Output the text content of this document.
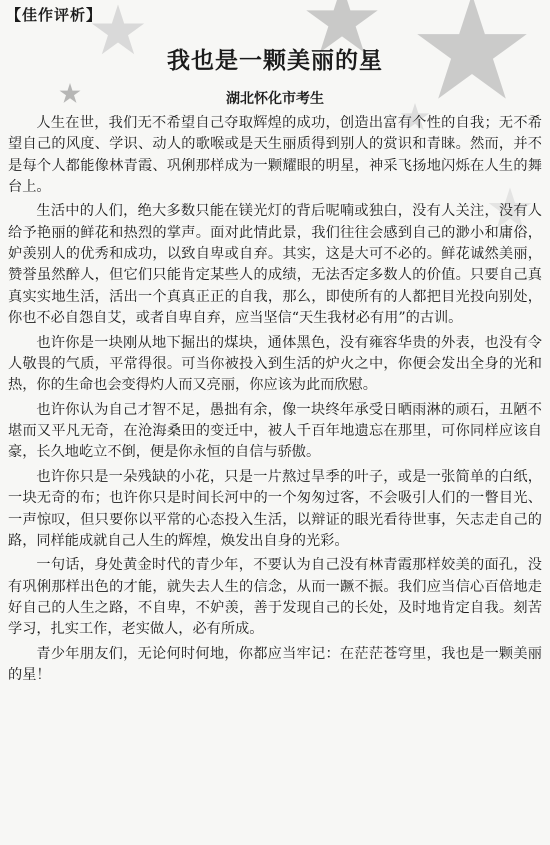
【佳作评析】
我也是一颗美丽的星
湖北怀化市考生

人生在世，我们无不希望自己夺取辉煌的成功，创造出富有个性的自我；无不希望自己的风度、学识、动人的歌喉或是天生丽质得到别人的赏识和青睐。然而，并不是每个人都能像林青霞、巩俐那样成为一颗耀眼的明星，神采飞扬地闪烁在人生的舞台上。

生活中的人们，绝大多数只能在镁光灯的背后呢喃或独白，没有人关注，没有人给予艳丽的鲜花和热烈的掌声。面对此情此景，我们往往会感到自己的渺小和庸俗，妒羡别人的优秀和成功，以致自卑或自弃。其实，这是大可不必的。鲜花诚然美丽，赞誉虽然醉人，但它们只能肯定某些人的成绩，无法否定多数人的价值。只要自己真真实实地生活，活出一个真真正正的自我，那么，即使所有的人都把目光投向别处，你也不必自怨自艾，或者自卑自弃，应当坚信“天生我材必有用”的古训。

也许你是一块刚从地下掘出的煤块，通体黑色，没有雍容华贵的外表，也没有令人敬畏的气质，平常得很。可当你被投入到生活的炉火之中，你便会发出全身的光和热，你的生命也会变得灼人而又亮丽，你应该为此而欣慰。

也许你认为自己才智不足，愚拙有余，像一块终年承受日晒雨淋的顽石，丑陋不堪而又平凡无奇，在沧海桑田的变迁中，被人千百年地遗忘在那里，可你同样应该自豪，长久地屹立不倒，便是你永恒的自信与骄傲。

也许你只是一朵残缺的小花，只是一片熬过旱季的叶子，或是一张简单的白纸，一块无奇的布；也许你只是时间长河中的一个匆匆过客，不会吸引人们的一瞥目光、一声惊叹，但只要你以平常的心态投入生活，以辩证的眼光看待世事，矢志走自己的路，同样能成就自己人生的辉煌，焕发出自身的光彩。

一句话，身处黄金时代的青少年，不要认为自己没有林青霞那样姣美的面孔，没有巩俐那样出色的才能，就失去人生的信念，从而一蹶不振。我们应当信心百倍地走好自己的人生之路，不自卑，不妒羡，善于发现自己的长处，及时地肯定自我。刻苦学习，扎实工作，老实做人，必有所成。

青少年朋友们，无论何时何地，你都应当牢记：在茫茫苍穹里，我也是一颗美丽的星！
